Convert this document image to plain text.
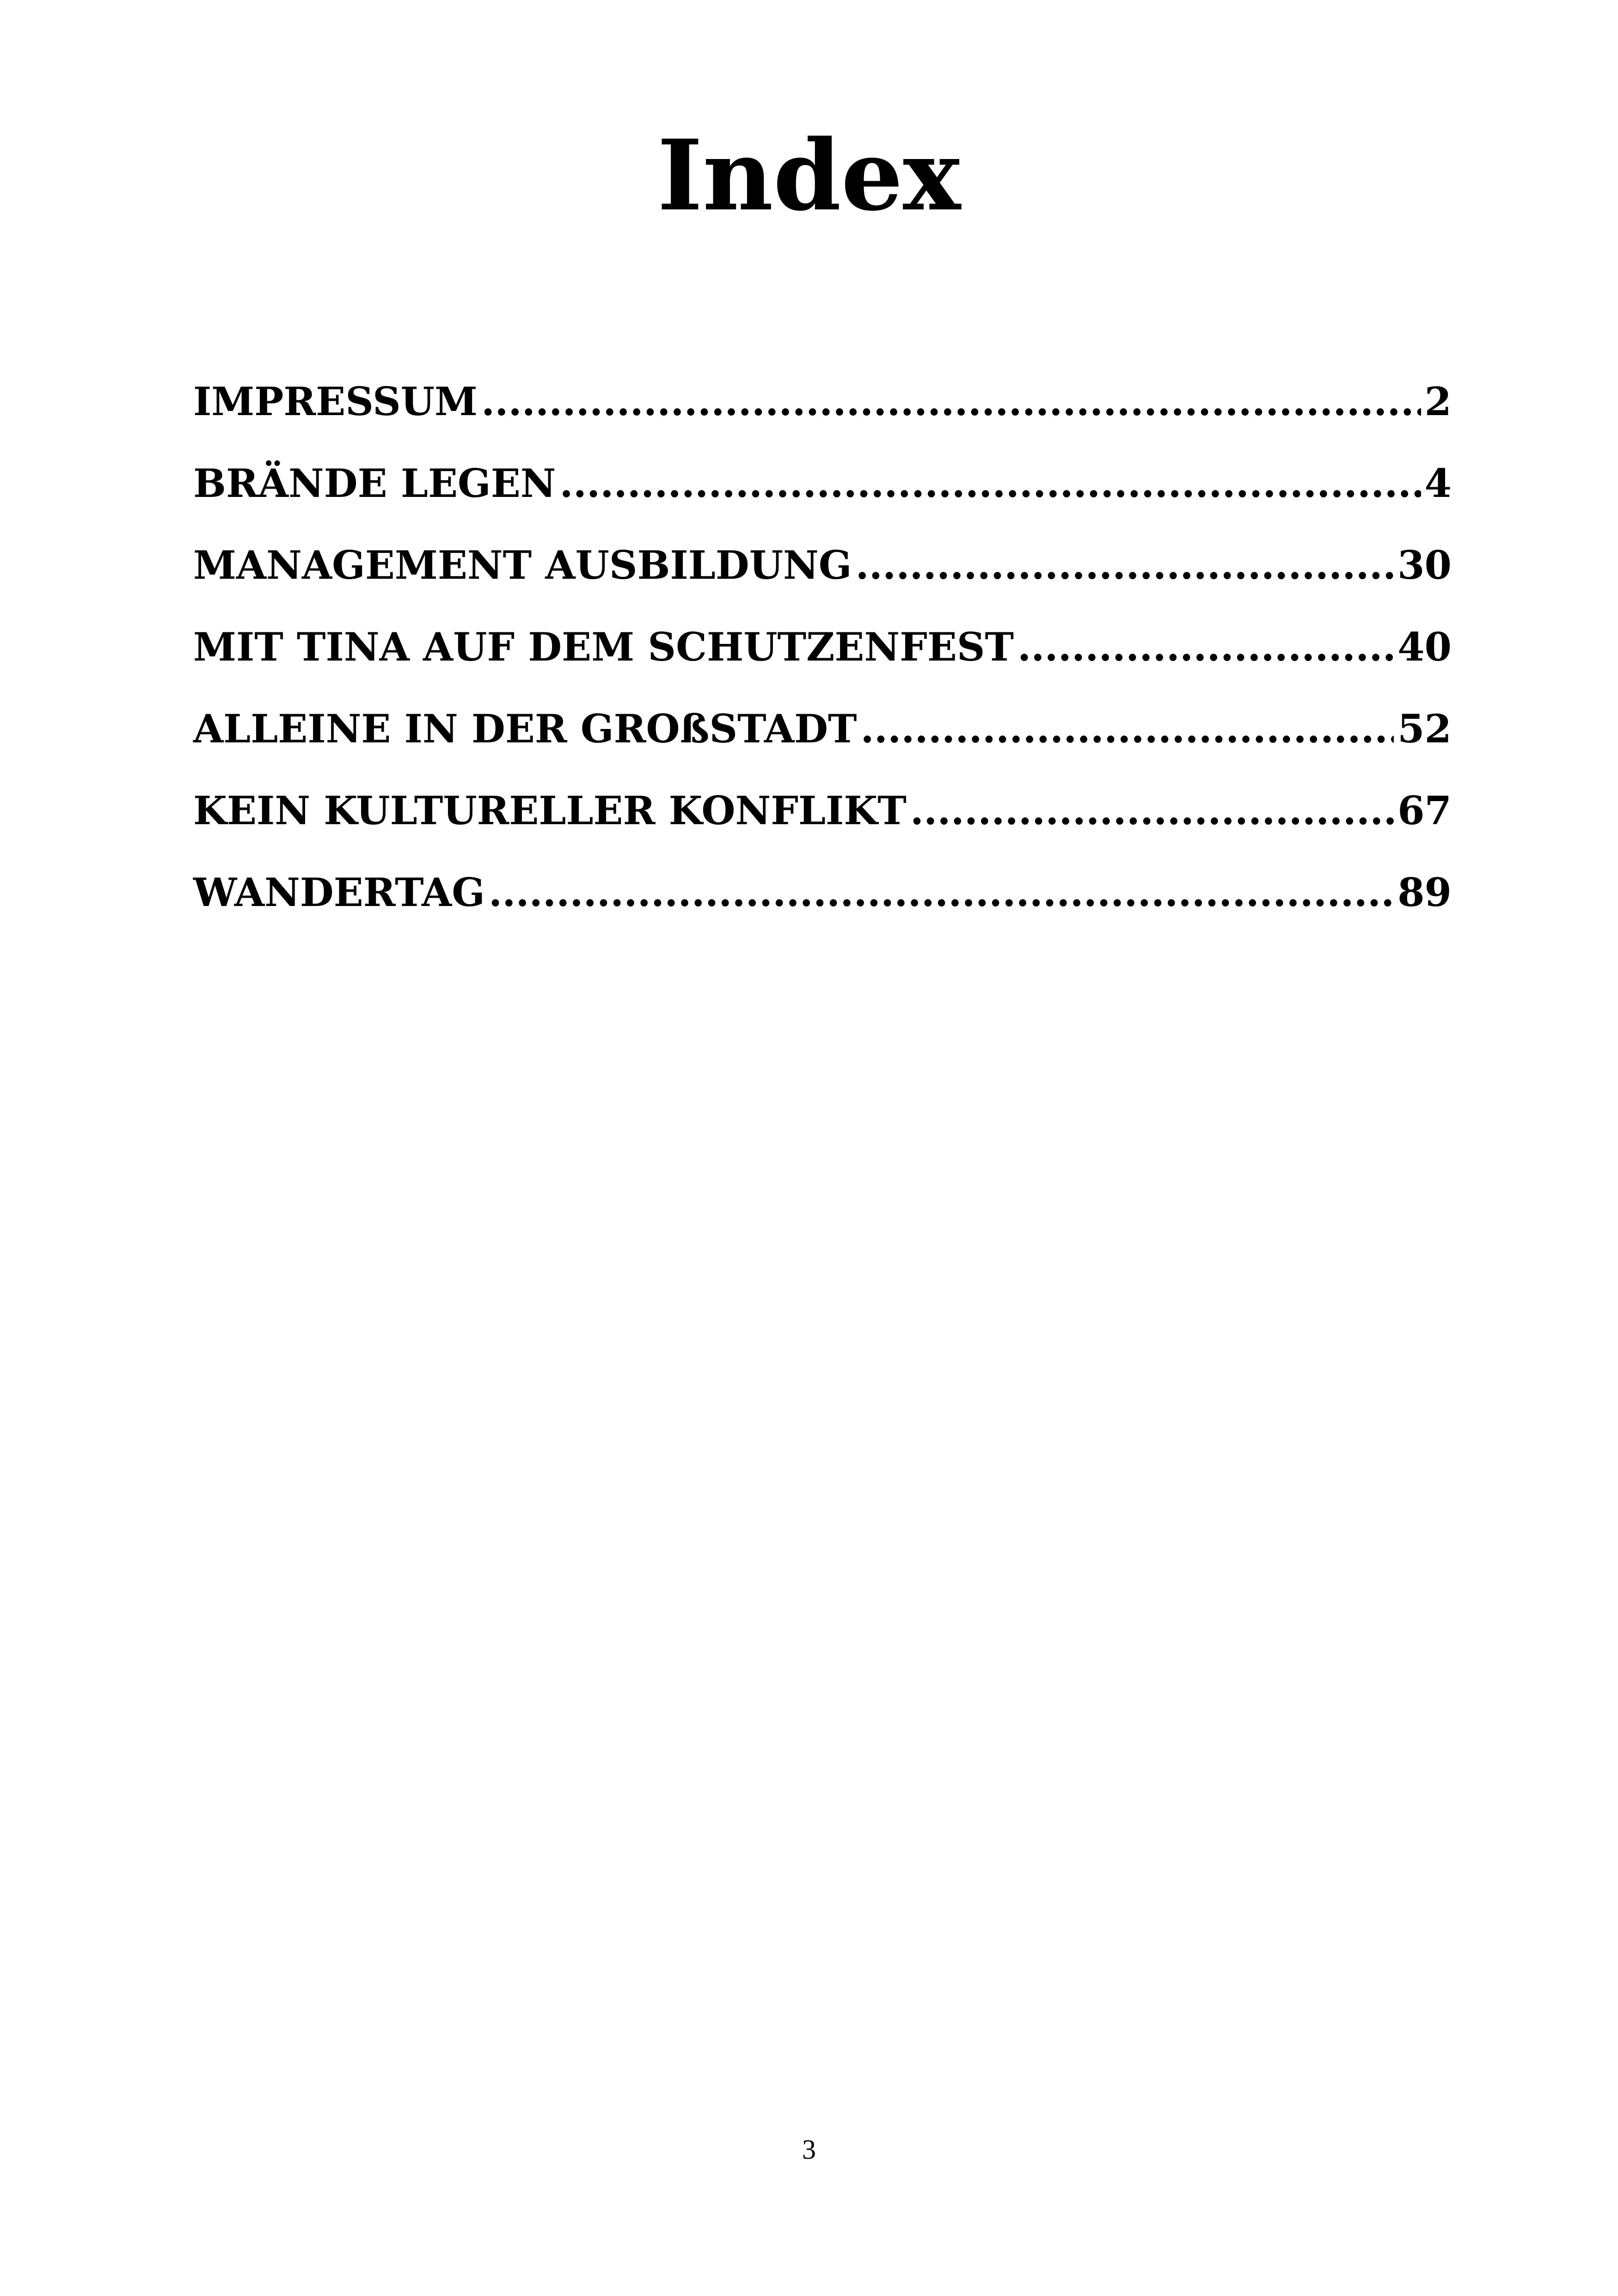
Index
IMPRESSUM .....	2
BRÄNDE LEGEN .....	4
MANAGEMENT AUSBILDUNG .....	30
MIT TINA AUF DEM SCHUTZENFEST .....	40
ALLEINE IN DER GROßSTADT .....	52
KEIN KULTURELLER KONFLIKT .....	67
WANDERTAG .....	89
3
